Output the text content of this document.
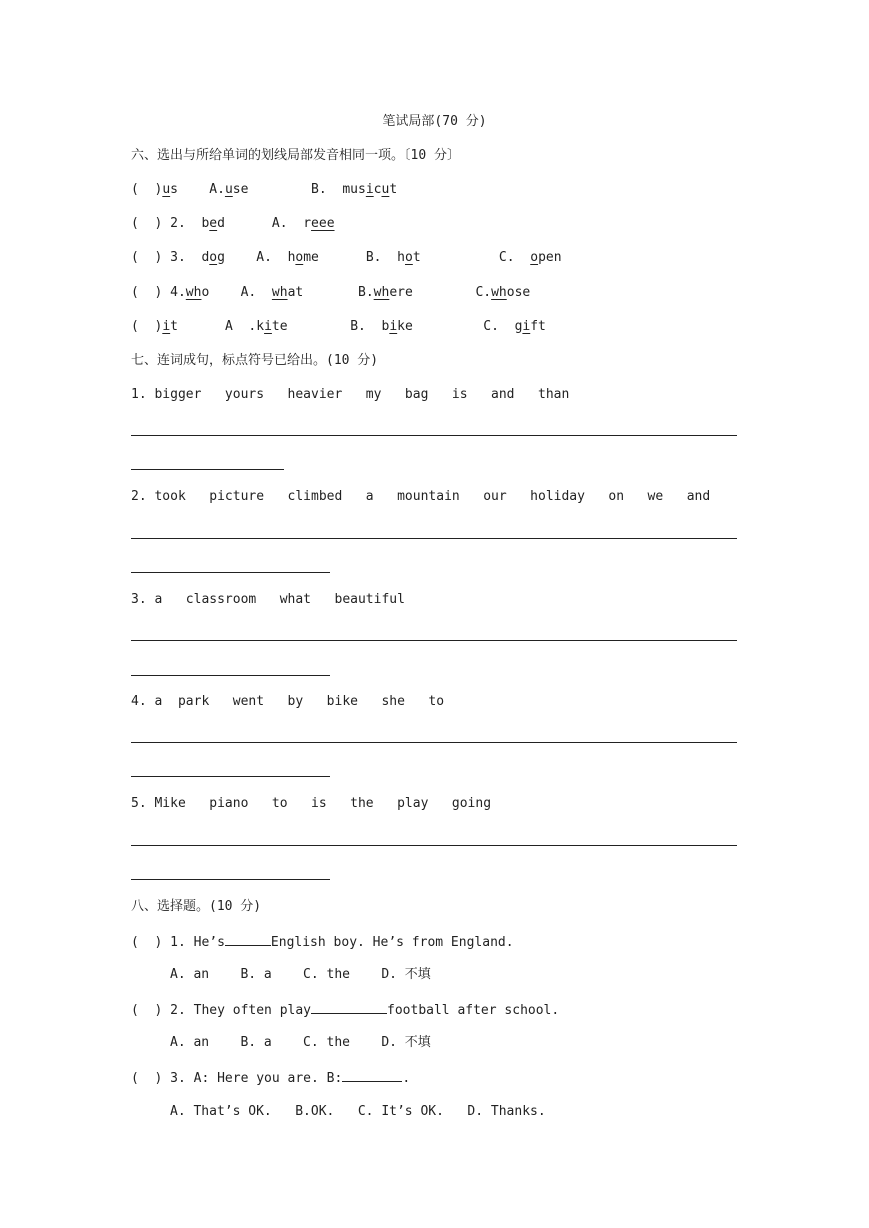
笔试局部(70 分)
六、选出与所给单词的划线局部发音相同一项。〔10 分〕
(  )us A.use	B. musicut
(  ) 2. bed	A. reee
(  ) 3. dog A. home	B. hot	C. open
(  ) 4.who A. what	B.where	C.whose
(  )it	A  .kite	B. bike	C. gift
七、连词成句，标点符号已给出。(10 分)
1. bigger   yours   heavier   my   bag   is   and   than
2. took   picture   climbed   a   mountain   our   holiday   on   we   and
3. a   classroom   what   beautiful
4. a  park   went   by   bike   she   to
5. Mike   piano   to   is   the   play   going
八、选择题。(10 分)
(  ) 1. He’s	English boy. He’s from England.
A. an    B. a    C. the    D. 不填
(  ) 2. They often play	football after school.
A. an    B. a    C. the    D. 不填
(  ) 3. A: Here you are. B:	.
A. That’s OK.   B.OK.   C. It’s OK.   D. Thanks.
